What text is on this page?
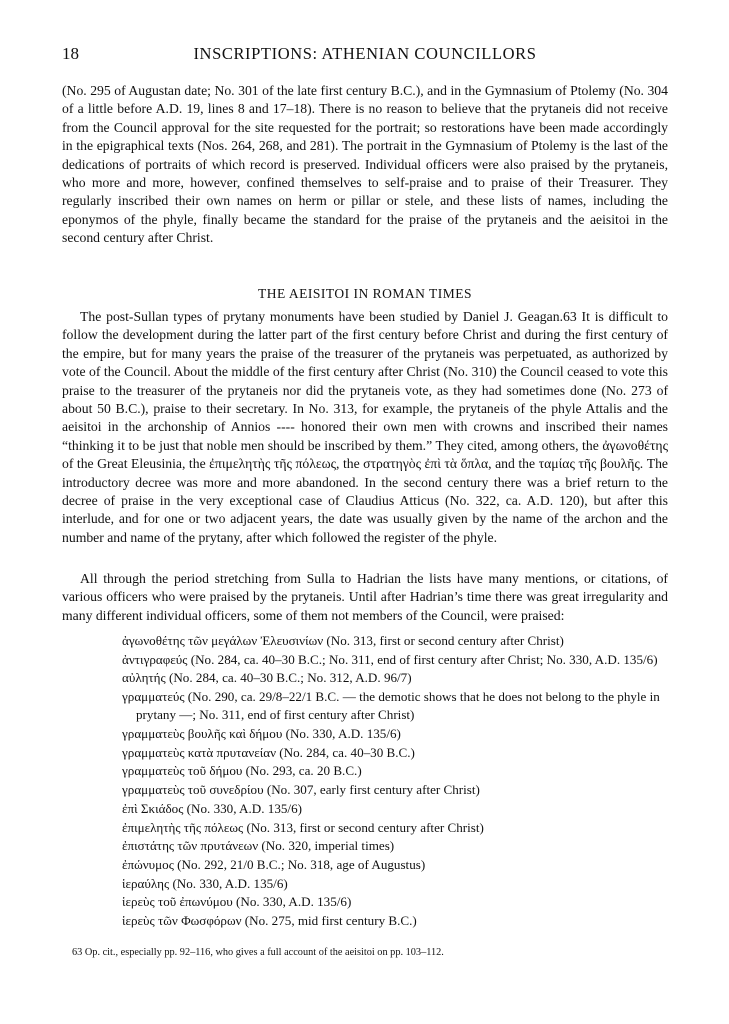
18	INSCRIPTIONS: ATHENIAN COUNCILLORS
(No. 295 of Augustan date; No. 301 of the late first century B.C.), and in the Gymnasium of Ptolemy (No. 304 of a little before A.D. 19, lines 8 and 17–18). There is no reason to believe that the prytaneis did not receive from the Council approval for the site requested for the portrait; so restorations have been made accordingly in the epigraphical texts (Nos. 264, 268, and 281). The portrait in the Gymnasium of Ptolemy is the last of the dedications of portraits of which record is preserved. Individual officers were also praised by the prytaneis, who more and more, however, confined themselves to self-praise and to praise of their Treasurer. They regularly inscribed their own names on herm or pillar or stele, and these lists of names, including the eponymos of the phyle, finally became the standard for the praise of the prytaneis and the aeisitoi in the second century after Christ.
THE AEISITOI IN ROMAN TIMES
The post-Sullan types of prytany monuments have been studied by Daniel J. Geagan.63 It is difficult to follow the development during the latter part of the first century before Christ and during the first century of the empire, but for many years the praise of the treasurer of the prytaneis was perpetuated, as authorized by vote of the Council. About the middle of the first century after Christ (No. 310) the Council ceased to vote this praise to the treasurer of the prytaneis nor did the prytaneis vote, as they had sometimes done (No. 273 of about 50 B.C.), praise to their secretary. In No. 313, for example, the prytaneis of the phyle Attalis and the aeisitoi in the archonship of Annios ---- honored their own men with crowns and inscribed their names “thinking it to be just that noble men should be inscribed by them.” They cited, among others, the ἀγωνοθέτης of the Great Eleusinia, the ἐπιμελητὴς τῆς πόλεως, the στρατηγὸς ἐπὶ τὰ ὅπλα, and the ταμίας τῆς βουλῆς. The introductory decree was more and more abandoned. In the second century there was a brief return to the decree of praise in the very exceptional case of Claudius Atticus (No. 322, ca. A.D. 120), but after this interlude, and for one or two adjacent years, the date was usually given by the name of the archon and the number and name of the prytany, after which followed the register of the phyle.
All through the period stretching from Sulla to Hadrian the lists have many mentions, or citations, of various officers who were praised by the prytaneis. Until after Hadrian’s time there was great irregularity and many different individual officers, some of them not members of the Council, were praised:
ἀγωνοθέτης τῶν μεγάλων Ἐλευσινίων (No. 313, first or second century after Christ)
ἀντιγραφεύς (No. 284, ca. 40–30 B.C.; No. 311, end of first century after Christ; No. 330, A.D. 135/6)
αὐλητής (No. 284, ca. 40–30 B.C.; No. 312, A.D. 96/7)
γραμματεύς (No. 290, ca. 29/8–22/1 B.C. — the demotic shows that he does not belong to the phyle in prytany —; No. 311, end of first century after Christ)
γραμματεὺς βουλῆς καὶ δήμου (No. 330, A.D. 135/6)
γραμματεὺς κατὰ πρυτανείαν (No. 284, ca. 40–30 B.C.)
γραμματεὺς τοῦ δήμου (No. 293, ca. 20 B.C.)
γραμματεὺς τοῦ συνεδρίου (No. 307, early first century after Christ)
ἐπὶ Σκιάδος (No. 330, A.D. 135/6)
ἐπιμελητὴς τῆς πόλεως (No. 313, first or second century after Christ)
ἐπιστάτης τῶν πρυτάνεων (No. 320, imperial times)
ἐπώνυμος (No. 292, 21/0 B.C.; No. 318, age of Augustus)
ἱεραύλης (No. 330, A.D. 135/6)
ἱερεὺς τοῦ ἐπωνύμου (No. 330, A.D. 135/6)
ἱερεὺς τῶν Φωσφόρων (No. 275, mid first century B.C.)
63 Op. cit., especially pp. 92–116, who gives a full account of the aeisitoi on pp. 103–112.
